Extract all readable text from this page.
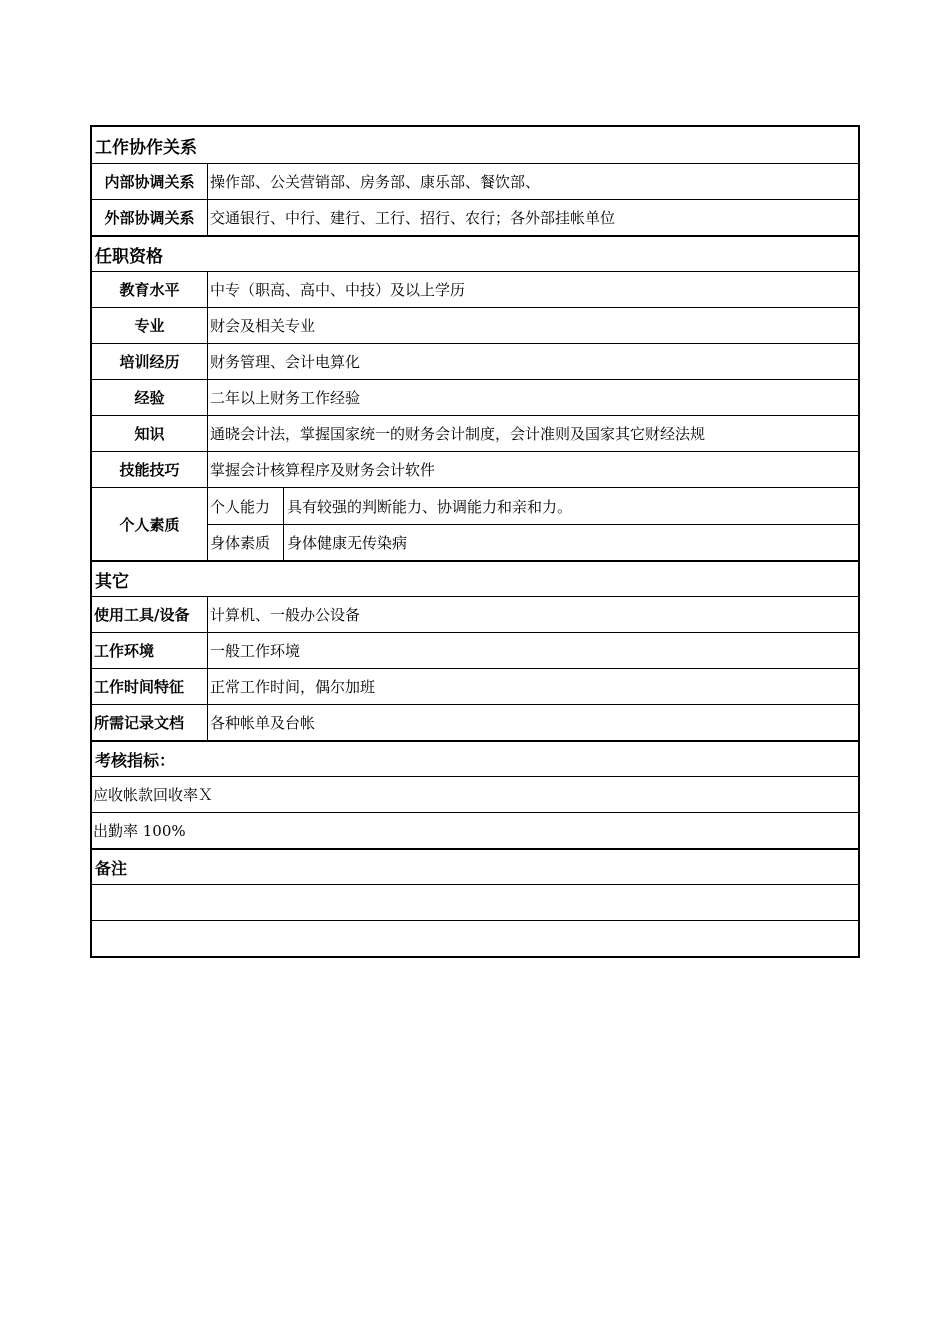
工作协作关系
内部协调关系	操作部、公关营销部、房务部、康乐部、餐饮部、
外部协调关系	交通银行、中行、建行、工行、招行、农行；各外部挂帐单位
任职资格
教育水平	中专（职高、高中、中技）及以上学历
专业	财会及相关专业
培训经历	财务管理、会计电算化
经验	二年以上财务工作经验
知识	通晓会计法，掌握国家统一的财务会计制度，会计准则及国家其它财经法规
技能技巧	掌握会计核算程序及财务会计软件
个人素质
个人能力	具有较强的判断能力、协调能力和亲和力。
身体素质	身体健康无传染病
其它
使用工具/设备	计算机、一般办公设备
工作环境	一般工作环境
工作时间特征	正常工作时间，偶尔加班
所需记录文档	各种帐单及台帐
考核指标：
应收帐款回收率Ｘ
出勤率 100%
备注
